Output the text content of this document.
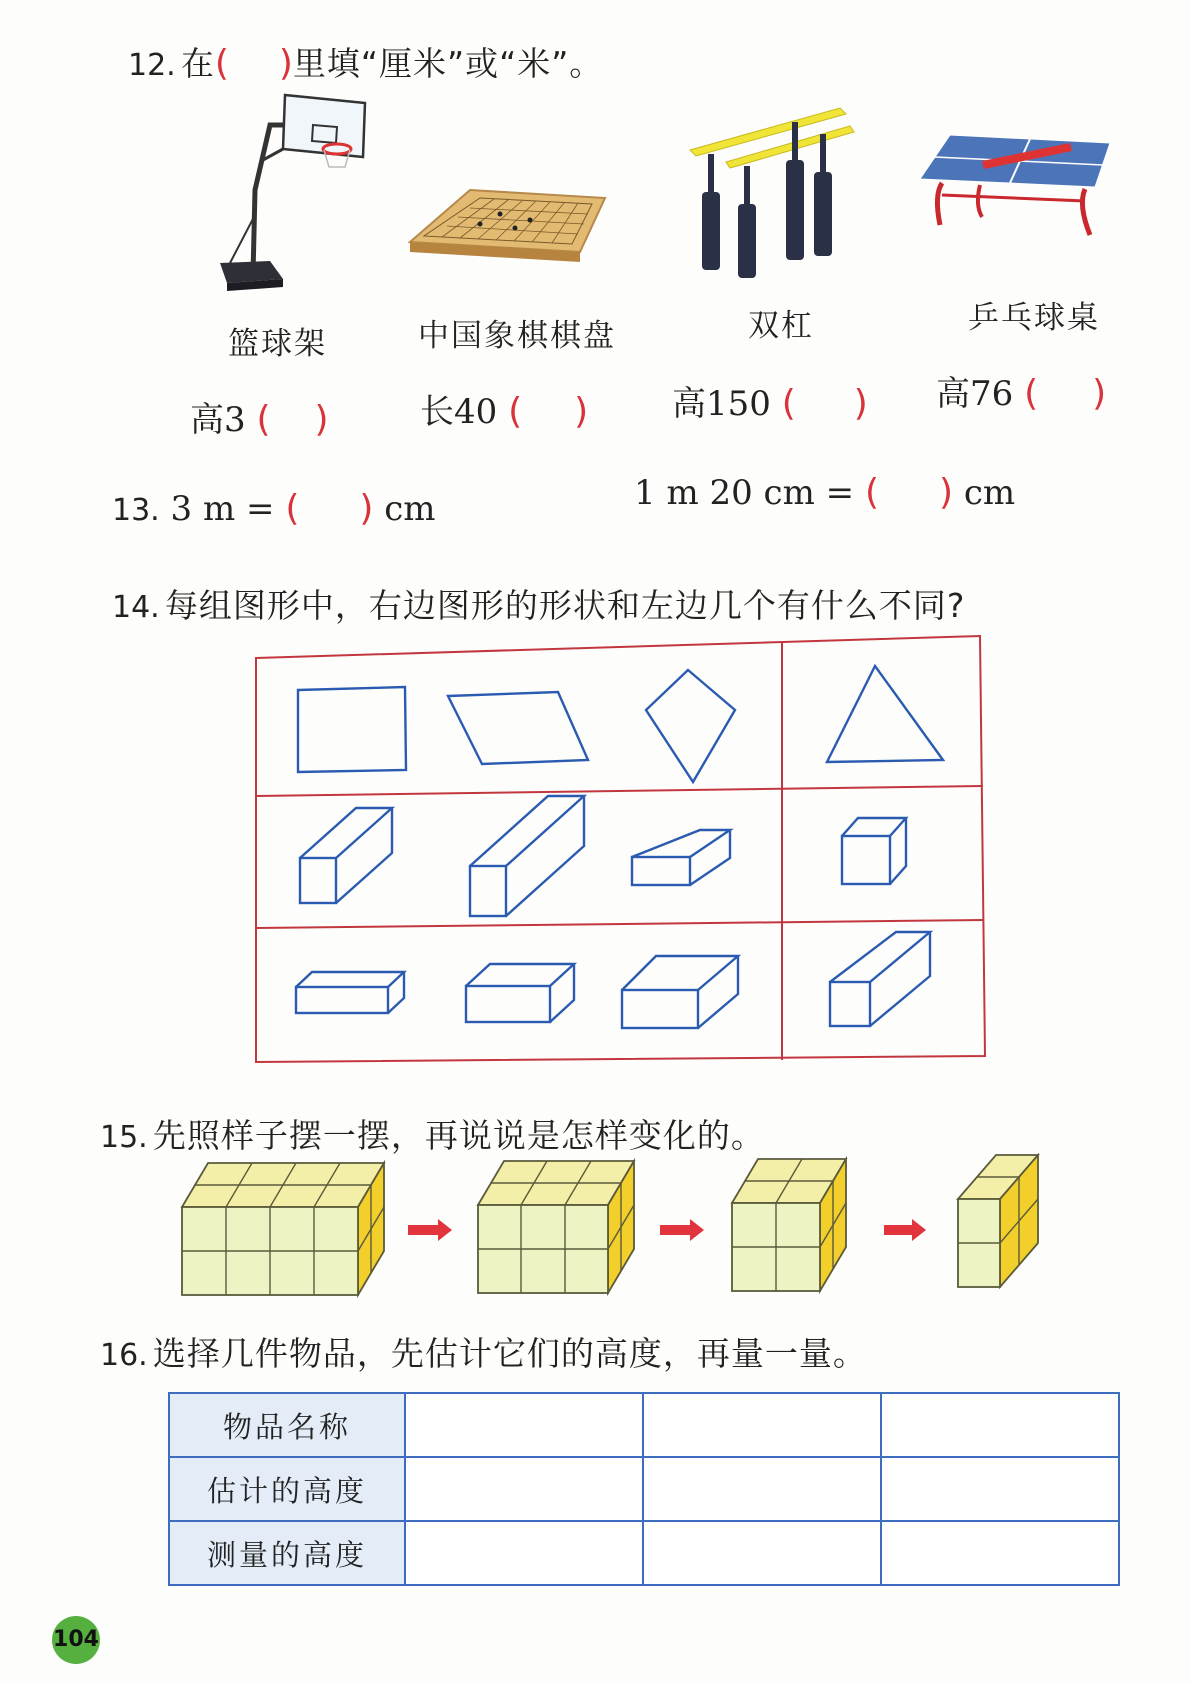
12. 在( )里填“厘米”或“米”。
篮球架	中国象棋棋盘	双杠	乒乓球桌
高3 ( )	长40 ( ) 高150 ( ) 高76 ( )
13. 3 m = ( ) cm	1 m 20 cm = ( ) cm
14. 每组图形中，右边图形的形状和左边几个有什么不同?
15. 先照样子摆一摆，再说说是怎样变化的。
16. 选择几件物品，先估计它们的高度，再量一量。
物品名称			
估计的高度			
测量的高度			
104
